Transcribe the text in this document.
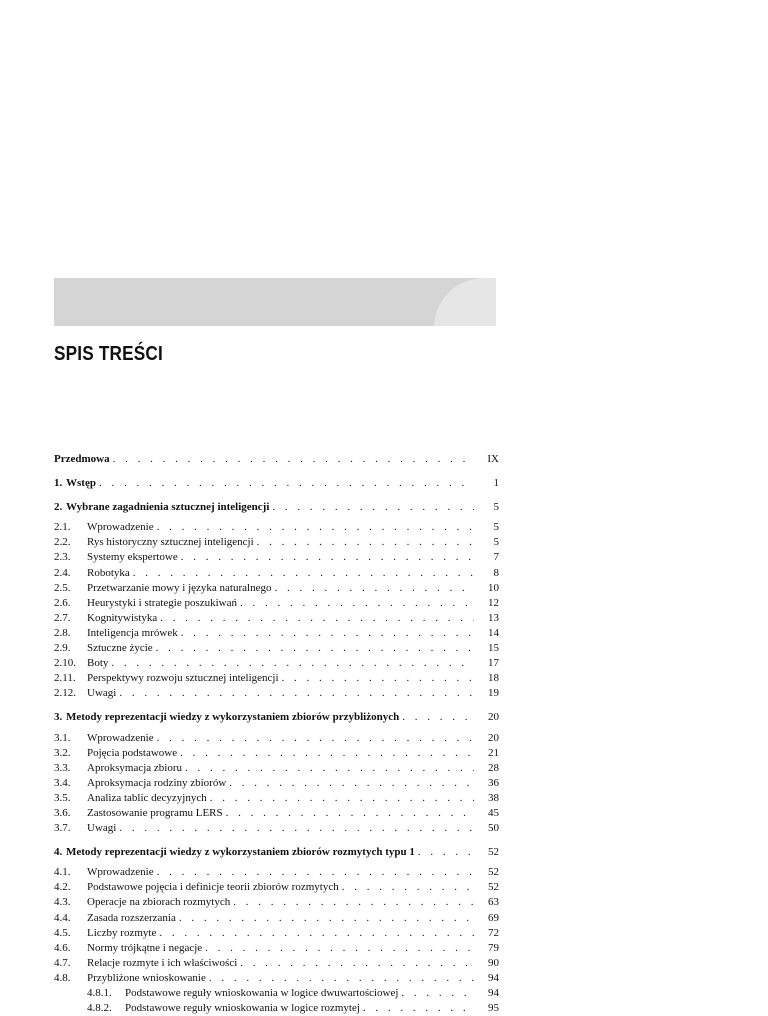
SPIS TREŚCI
Przedmowa . . .	IX
1. Wstęp . . .	1
2. Wybrane zagadnienia sztucznej inteligencji . . .	5
2.1.	Wprowadzenie . . .	5
2.2.	Rys historyczny sztucznej inteligencji . . .	5
2.3.	Systemy ekspertowe . . .	7
2.4.	Robotyka . . .	8
2.5.	Przetwarzanie mowy i języka naturalnego . . .	10
2.6.	Heurystyki i strategie poszukiwań . . .	12
2.7.	Kognitywistyka . . .	13
2.8.	Inteligencja mrówek . . .	14
2.9.	Sztuczne życie . . .	15
2.10.	Boty . . .	17
2.11.	Perspektywy rozwoju sztucznej inteligencji . . .	18
2.12.	Uwagi . . .	19
3. Metody reprezentacji wiedzy z wykorzystaniem zbiorów przybliżonych . . .	20
3.1.	Wprowadzenie . . .	20
3.2.	Pojęcia podstawowe . . .	21
3.3.	Aproksymacja zbioru . . .	28
3.4.	Aproksymacja rodziny zbiorów . . .	36
3.5.	Analiza tablic decyzyjnych . . .	38
3.6.	Zastosowanie programu LERS . . .	45
3.7.	Uwagi . . .	50
4. Metody reprezentacji wiedzy z wykorzystaniem zbiorów rozmytych typu 1 . . .	52
4.1.	Wprowadzenie . . .	52
4.2.	Podstawowe pojęcia i definicje teorii zbiorów rozmytych . . .	52
4.3.	Operacje na zbiorach rozmytych . . .	63
4.4.	Zasada rozszerzania . . .	69
4.5.	Liczby rozmyte . . .	72
4.6.	Normy trójkątne i negacje . . .	79
4.7.	Relacje rozmyte i ich właściwości . . .	90
4.8.	Przybliżone wnioskowanie . . .	94
4.8.1.	Podstawowe reguły wnioskowania w logice dwuwartościowej . . .	94
4.8.2.	Podstawowe reguły wnioskowania w logice rozmytej . . .	95
